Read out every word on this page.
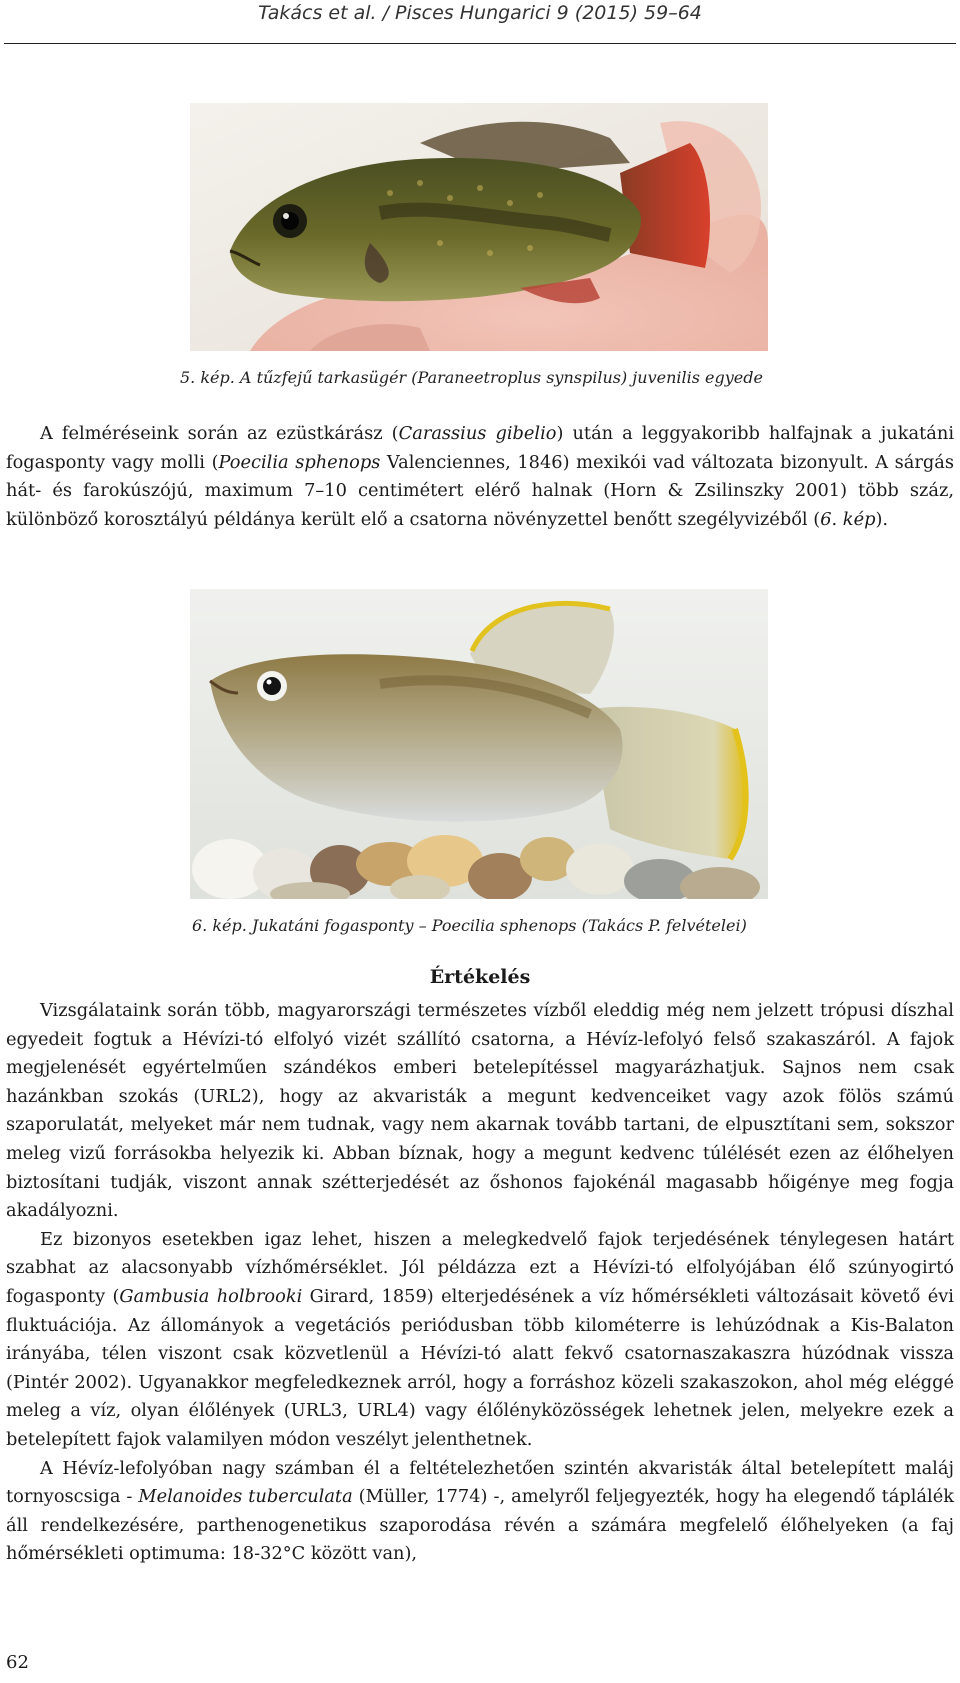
Takács et al. / Pisces Hungarici 9 (2015) 59–64
5. kép. A tűzfejű tarkasügér (Paraneetroplus synspilus) juvenilis egyede

A felméréseink során az ezüstkárász (Carassius gibelio) után a leggyakoribb halfajnak a jukatáni fogasponty vagy molli (Poecilia sphenops Valenciennes, 1846) mexikói vad változata bizonyult. A sárgás hát- és farokúszójú, maximum 7–10 centimétert elérő halnak (Horn & Zsilinszky 2001) több száz, különböző korosztályú példánya került elő a csatorna növényzettel benőtt szegélyvizéből (6. kép).

6. kép. Jukatáni fogasponty – Poecilia sphenops (Takács P. felvételei)
Értékelés

Vizsgálataink során több, magyarországi természetes vízből eleddig még nem jelzett trópusi díszhal egyedeit fogtuk a Hévízi-tó elfolyó vizét szállító csatorna, a Hévíz-lefolyó felső szakaszáról. A fajok megjelenését egyértelműen szándékos emberi betelepítéssel magyarázhatjuk. Sajnos nem csak hazánkban szokás (URL2), hogy az akvaristák a megunt kedvenceiket vagy azok fölös számú szaporulatát, melyeket már nem tudnak, vagy nem akarnak tovább tartani, de elpusztítani sem, sokszor meleg vizű forrásokba helyezik ki. Abban bíznak, hogy a megunt kedvenc túlélését ezen az élőhelyen biztosítani tudják, viszont annak szétterjedését az őshonos fajokénál magasabb hőigénye meg fogja akadályozni.

Ez bizonyos esetekben igaz lehet, hiszen a melegkedvelő fajok terjedésének ténylegesen határt szabhat az alacsonyabb vízhőmérséklet. Jól példázza ezt a Hévízi-tó elfolyójában élő szúnyogirtó fogasponty (Gambusia holbrooki Girard, 1859) elterjedésének a víz hőmérsékleti változásait követő évi fluktuációja. Az állományok a vegetációs periódusban több kilométerre is lehúzódnak a Kis-Balaton irányába, télen viszont csak közvetlenül a Hévízi-tó alatt fekvő csatornaszakaszra húzódnak vissza (Pintér 2002). Ugyanakkor megfeledkeznek arról, hogy a forráshoz közeli szakaszokon, ahol még eléggé meleg a víz, olyan élőlények (URL3, URL4) vagy élőlényközösségek lehetnek jelen, melyekre ezek a betelepített fajok valamilyen módon veszélyt jelenthetnek.

A Hévíz-lefolyóban nagy számban él a feltételezhetően szintén akvaristák által betelepített maláj tornyoscsiga - Melanoides tuberculata (Müller, 1774) -, amelyről feljegyezték, hogy ha elegendő táplálék áll rendelkezésére, parthenogenetikus szaporodása révén a számára megfelelő élőhelyeken (a faj hőmérsékleti optimuma: 18-32°C között van),

62
